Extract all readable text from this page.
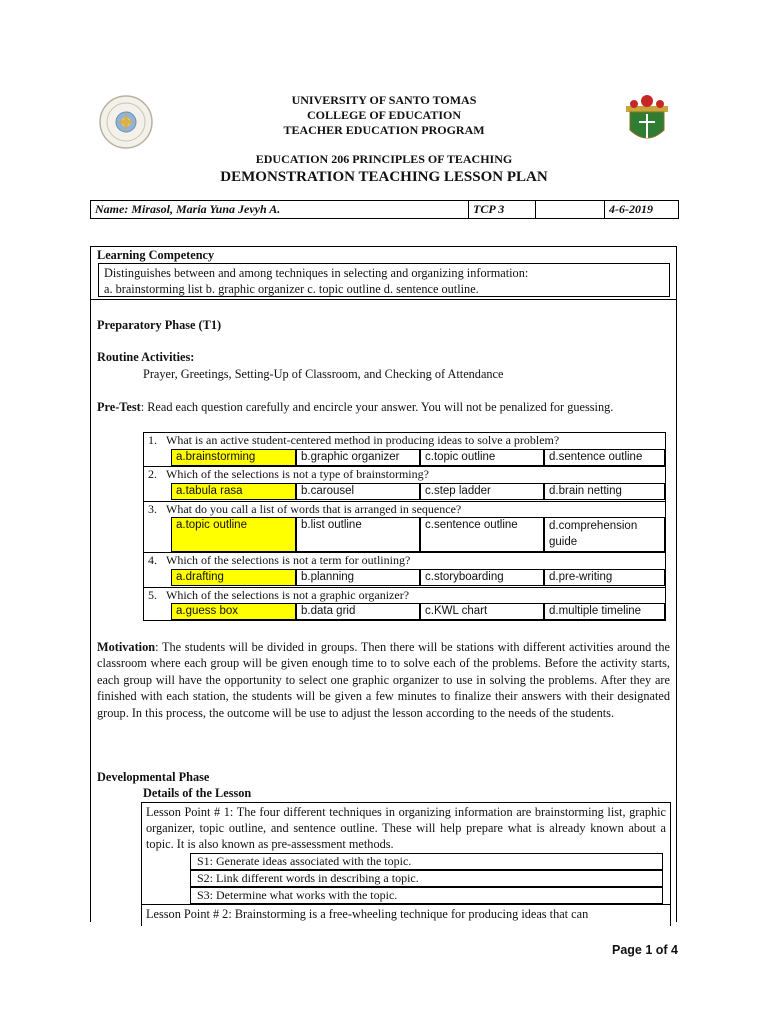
UNIVERSITY OF SANTO TOMAS
COLLEGE OF EDUCATION
TEACHER EDUCATION PROGRAM
EDUCATION 206 PRINCIPLES OF TEACHING
DEMONSTRATION TEACHING LESSON PLAN
Name: Mirasol, Maria Yuna Jevyh A.	TCP 3	4-6-2019
Learning Competency
Distinguishes between and among techniques in selecting and organizing information:
a. brainstorming list b. graphic organizer c. topic outline d. sentence outline.
Preparatory Phase (T1)
Routine Activities:
Prayer, Greetings, Setting-Up of Classroom, and Checking of Attendance
Pre-Test: Read each question carefully and encircle your answer. You will not be penalized for guessing.
1. What is an active student-centered method in producing ideas to solve a problem?
a.brainstorming	b.graphic organizer	c.topic outline	d.sentence outline
2. Which of the selections is not a type of brainstorming?
a.tabula rasa	b.carousel	c.step ladder	d.brain netting
3. What do you call a list of words that is arranged in sequence?
a.topic outline	b.list outline	c.sentence outline	d.comprehension guide
4. Which of the selections is not a term for outlining?
a.drafting	b.planning	c.storyboarding	d.pre-writing
5. Which of the selections is not a graphic organizer?
a.guess box	b.data grid	c.KWL chart	d.multiple timeline
Motivation: The students will be divided in groups. Then there will be stations with different activities around the classroom where each group will be given enough time to to solve each of the problems. Before the activity starts, each group will have the opportunity to select one graphic organizer to use in solving the problems. After they are finished with each station, the students will be given a few minutes to finalize their answers with their designated group. In this process, the outcome will be use to adjust the lesson according to the needs of the students.
Developmental Phase
Details of the Lesson
Lesson Point # 1: The four different techniques in organizing information are brainstorming list, graphic organizer, topic outline, and sentence outline. These will help prepare what is already known about a topic. It is also known as pre-assessment methods.
S1: Generate ideas associated with the topic.
S2: Link different words in describing a topic.
S3: Determine what works with the topic.
Lesson Point # 2: Brainstorming is a free-wheeling technique for producing ideas that can
Page 1 of 4
